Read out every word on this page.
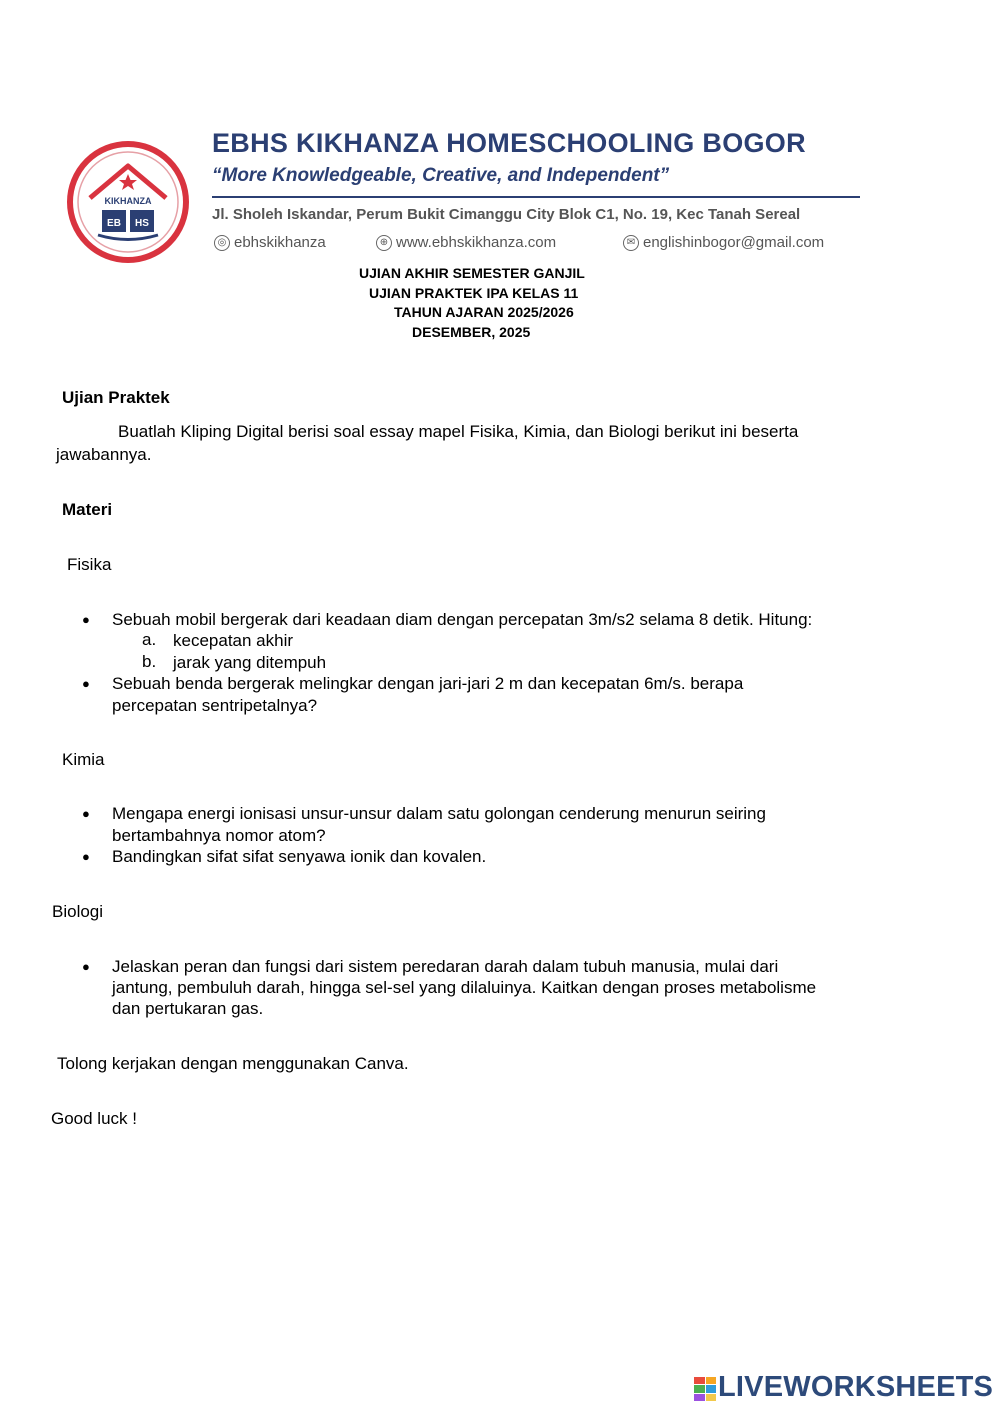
KIKHANZA
EB HS
EBHS KIKHANZA HOMESCHOOLING BOGOR
“More Knowledgeable, Creative, and Independent”
Jl. Sholeh Iskandar, Perum Bukit Cimanggu City Blok C1, No. 19, Kec Tanah Sereal
◎ ebhskikhanza	⊕ www.ebhskikhanza.com	✉ englishinbogor@gmail.com
UJIAN AKHIR SEMESTER GANJIL
UJIAN PRAKTEK IPA KELAS 11
TAHUN AJARAN 2025/2026
DESEMBER, 2025
Ujian Praktek
Buatlah Kliping Digital berisi soal essay mapel Fisika, Kimia, dan Biologi berikut ini beserta
jawabannya.
Materi
Fisika
● Sebuah mobil bergerak dari keadaan diam dengan percepatan 3m/s2 selama 8 detik. Hitung:
a. kecepatan akhir
b. jarak yang ditempuh
● Sebuah benda bergerak melingkar dengan jari-jari 2 m dan kecepatan 6m/s. berapa
percepatan sentripetalnya?
Kimia
● Mengapa energi ionisasi unsur-unsur dalam satu golongan cenderung menurun seiring
bertambahnya nomor atom?
● Bandingkan sifat sifat senyawa ionik dan kovalen.
Biologi
● Jelaskan peran dan fungsi dari sistem peredaran darah dalam tubuh manusia, mulai dari
jantung, pembuluh darah, hingga sel-sel yang dilaluinya. Kaitkan dengan proses metabolisme
dan pertukaran gas.
Tolong kerjakan dengan menggunakan Canva.
Good luck !
LIVEWORKSHEETS
